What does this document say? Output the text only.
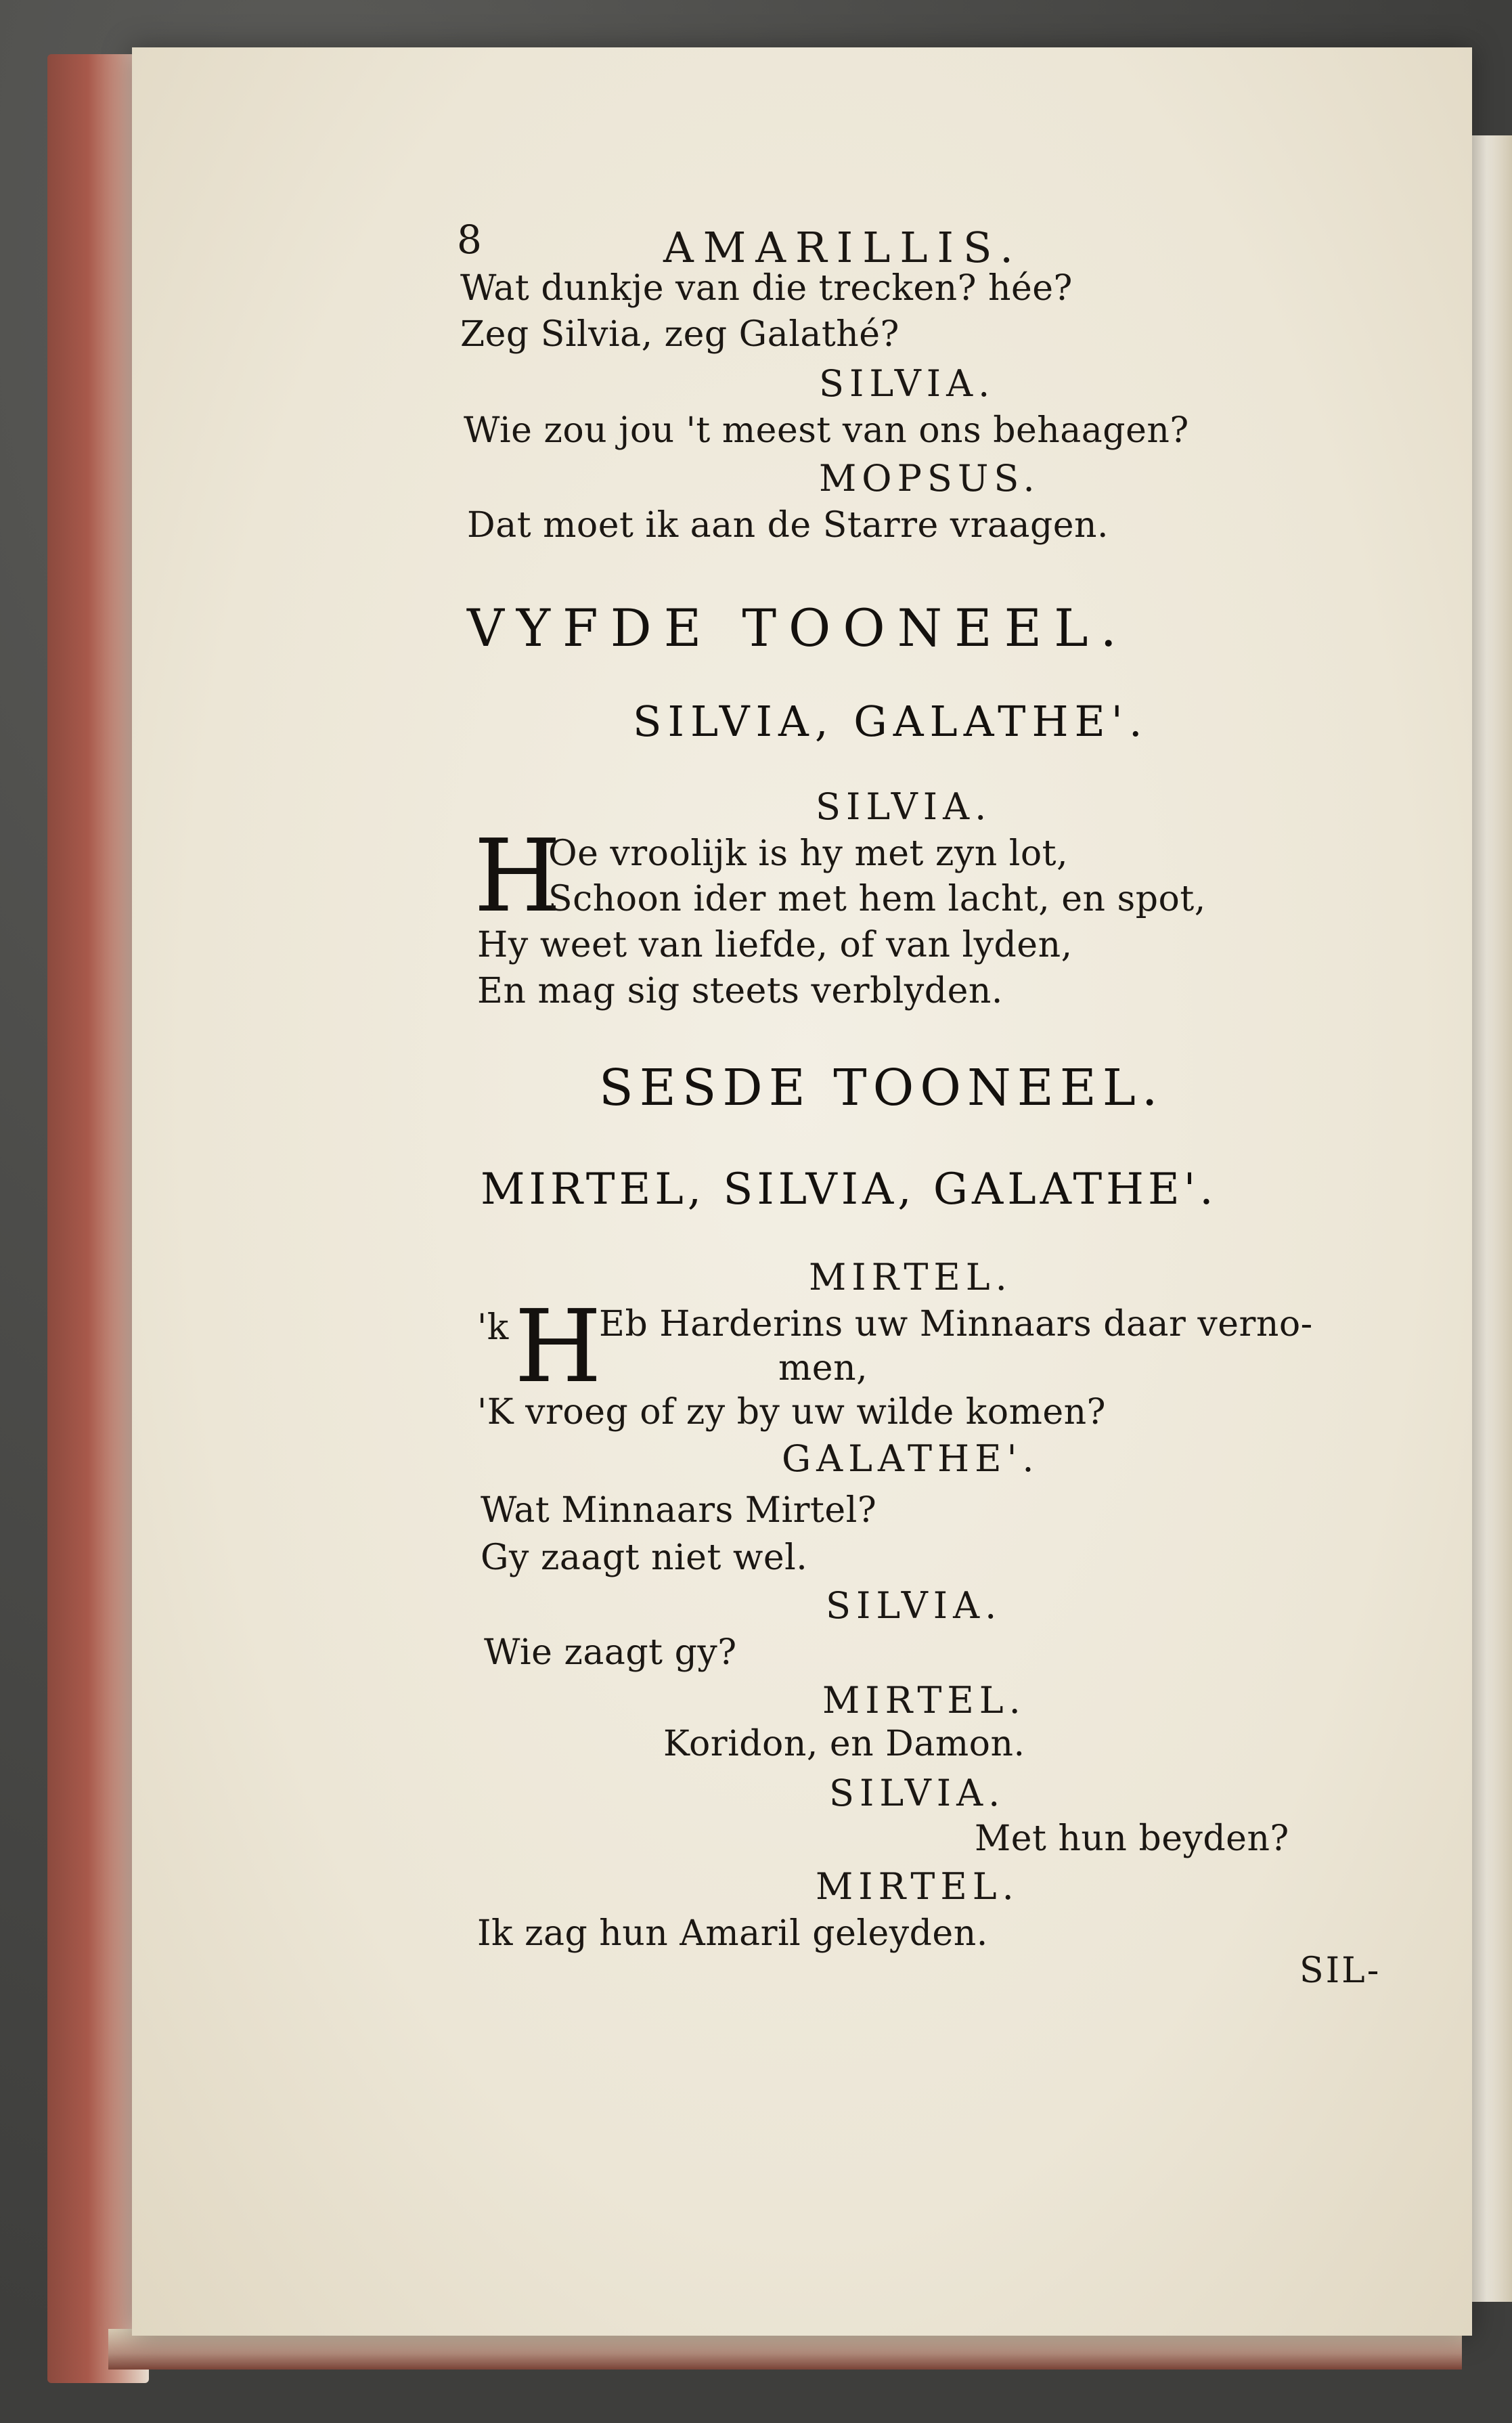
8	AMARILLIS.
Wat dunkje van die trecken? hée?
Zeg Silvia, zeg Galathé?
SILVIA.
Wie zou jou 't meest van ons behaagen?
MOPSUS.
Dat moet ik aan de Starre vraagen.
VYFDE TOONEEL.
SILVIA, GALATHE'.
SILVIA.
H
Oe vroolijk is hy met zyn lot,
Schoon ider met hem lacht, en spot,
Hy weet van liefde, of van lyden,
En mag sig steets verblyden.
SESDE TOONEEL.
MIRTEL, SILVIA, GALATHE'.
MIRTEL.
'k H
Eb Harderins uw Minnaars daar verno-
men,
'K vroeg of zy by uw wilde komen?
GALATHE'.
Wat Minnaars Mirtel?
Gy zaagt niet wel.
SILVIA.
Wie zaagt gy?
MIRTEL.
Koridon, en Damon.
SILVIA.
Met hun beyden?
MIRTEL.
Ik zag hun Amaril geleyden.
SIL-
